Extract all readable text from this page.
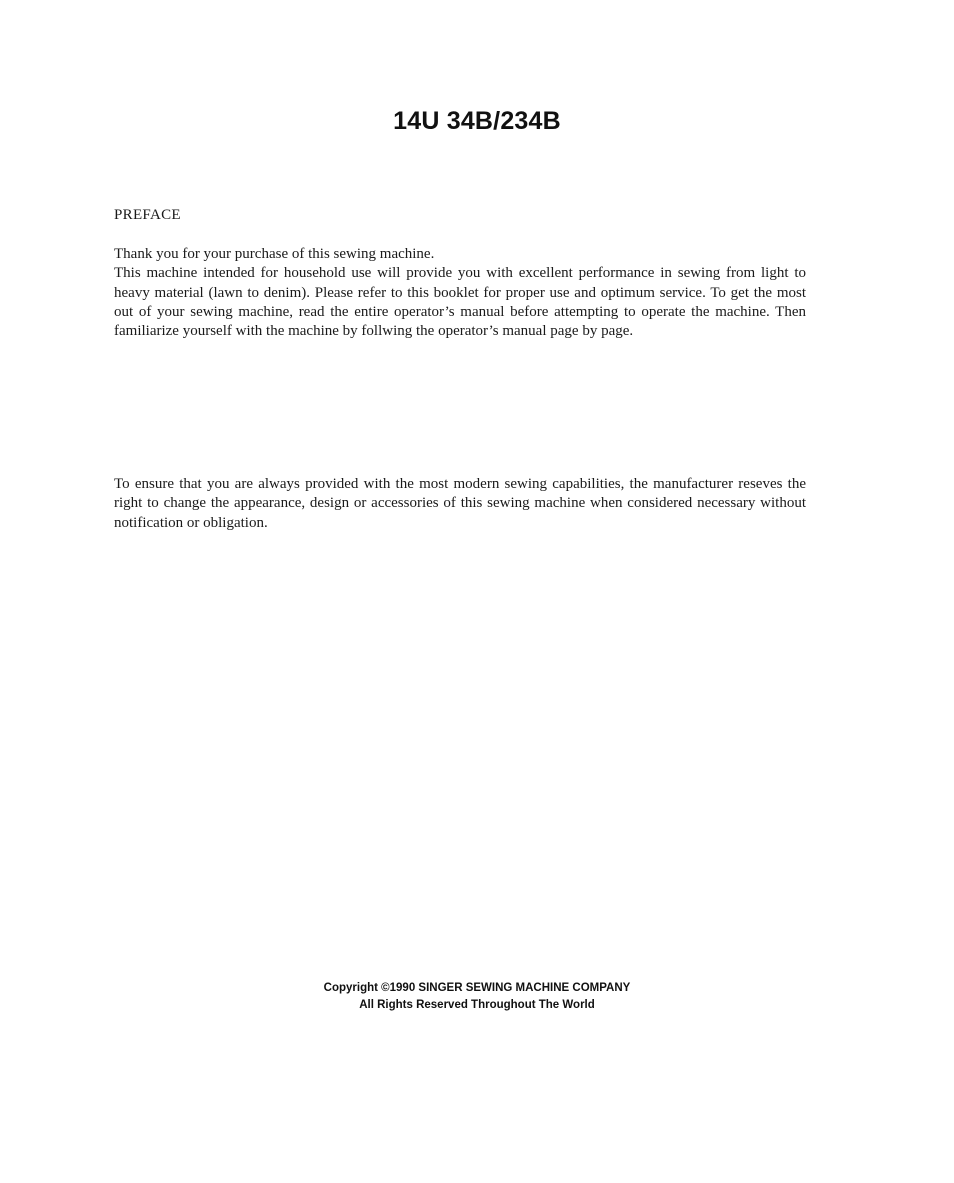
14U 34B/234B
PREFACE

Thank you for your purchase of this sewing machine.
This machine intended for household use will provide you with excellent performance in sewing from light to heavy material (lawn to denim). Please refer to this booklet for proper use and optimum service. To get the most out of your sewing machine, read the entire operator’s manual before attempting to operate the machine. Then familiarize yourself with the machine by follwing the operator’s manual page by page.

To ensure that you are always provided with the most modern sewing capabilities, the manufacturer reseves the right to change the appearance, design or accessories of this sewing machine when considered necessary without notification or obligation.

Copyright ©1990 SINGER SEWING MACHINE COMPANY
All Rights Reserved Throughout The World
